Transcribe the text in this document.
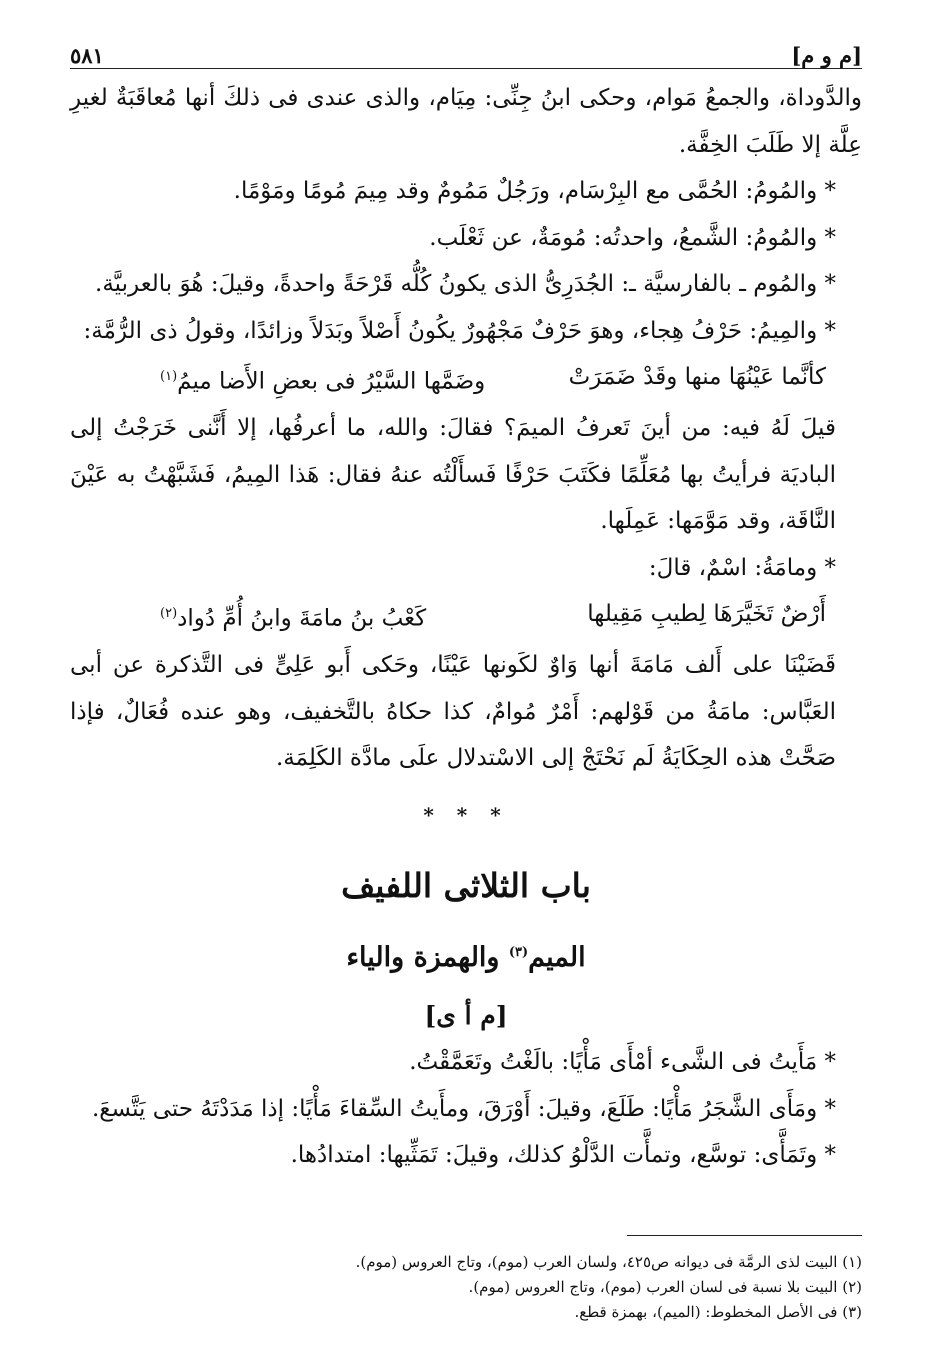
[م و م]
٥٨١

والدَّوداة، والجمعُ مَوام، وحكى ابنُ جِنِّى: مِيَام، والذى عندى فى ذلكَ أنها مُعاقَبَةٌ لغيرِ عِلَّة إلا طَلَبَ الخِفَّة.

* والمُومُ: الحُمَّى مع البِرْسَام، ورَجُلٌ مَمُومٌ وقد مِيمَ مُومًا ومَوْمًا.

* والمُومُ: الشَّمعُ، واحدتُه: مُومَةٌ، عن ثَعْلَب.

* والمُوم ـ بالفارسيَّة ـ: الجُدَرِىُّ الذى يكونُ كُلُّه قَرْحَةً واحدةً، وقيلَ: هُوَ بالعربيَّة.

* والمِيمُ: حَرْفُ هِجاء، وهوَ حَرْفٌ مَجْهُورٌ يكُونُ أَصْلاً وبَدَلاً وزائدًا، وقولُ ذى الرُّمَّة:

كأنَّما عَيْنُهَا منها وقَدْ ضَمَرَتْ
وضَمَّها السَّيْرُ فى بعضِ الأَضا ميمُ$^{(١)}$

قيلَ لَهُ فيه: من أينَ تَعرفُ الميمَ؟ فقالَ: والله، ما أعرفُها، إلا أَنَّنى خَرَجْتُ إلى الباديَة فرأيتُ بها مُعَلِّمًا فكَتَبَ حَرْفًا فَسأَلْتُه عنهُ فقال: هَذا المِيمُ، فَشَبَّهْتُ به عَيْنَ النَّاقَة، وقد مَوَّمَها: عَمِلَها.

* ومامَةُ: اسْمٌ، قالَ:

أَرْضٌ تَخَيَّرَهَا لِطيبِ مَقِيلها
كَعْبُ بنُ مامَةَ وابنُ أُمِّ دُواد$^{(٢)}$

قَضَيْنَا على أَلف مَامَةَ أنها وَاوٌ لكَونها عَيْنًا، وحَكى أَبو عَلِىٍّ فى التَّذكرة عن أبى العَبَّاس: مامَةُ من قَوْلهم: أَمْرٌ مُوامٌ، كذا حكاهُ بالتَّخفيف، وهو عنده فُعَالٌ، فإذا صَحَّتْ هذه الحِكَايَةُ لَم نَحْتَجْ إلى الاسْتدلال علَى مادَّة الكَلِمَة.

* * *
باب الثلاثى اللفيف
الميم$^{(٣)}$ والهمزة والياء
[م أ ى]

* مَأَيتُ فى الشَّىء أمْأَى مَأْيًا: بالَغْتُ وتَعَمَّقْتُ.

* ومَأَى الشَّجَرُ مَأْيًا: طَلَعَ، وقيلَ: أَوْرَقَ، ومأَيتُ السِّقاءَ مَأْيًا: إذا مَدَدْتَهُ حتى يَتَّسعَ.

* وتَمَأَّى: توسَّع، وتمأَّت الدَّلْوُ كذلك، وقيلَ: تَمَثِّيها: امتدادُها.

(١) البيت لذى الرمَّة فى ديوانه ص٤٢٥، ولسان العرب (موم)، وتاج العروس (موم).

(٢) البيت بلا نسبة فى لسان العرب (موم)، وتاج العروس (موم).

(٣) فى الأصل المخطوط: (الميم)، بهمزة قطع.
